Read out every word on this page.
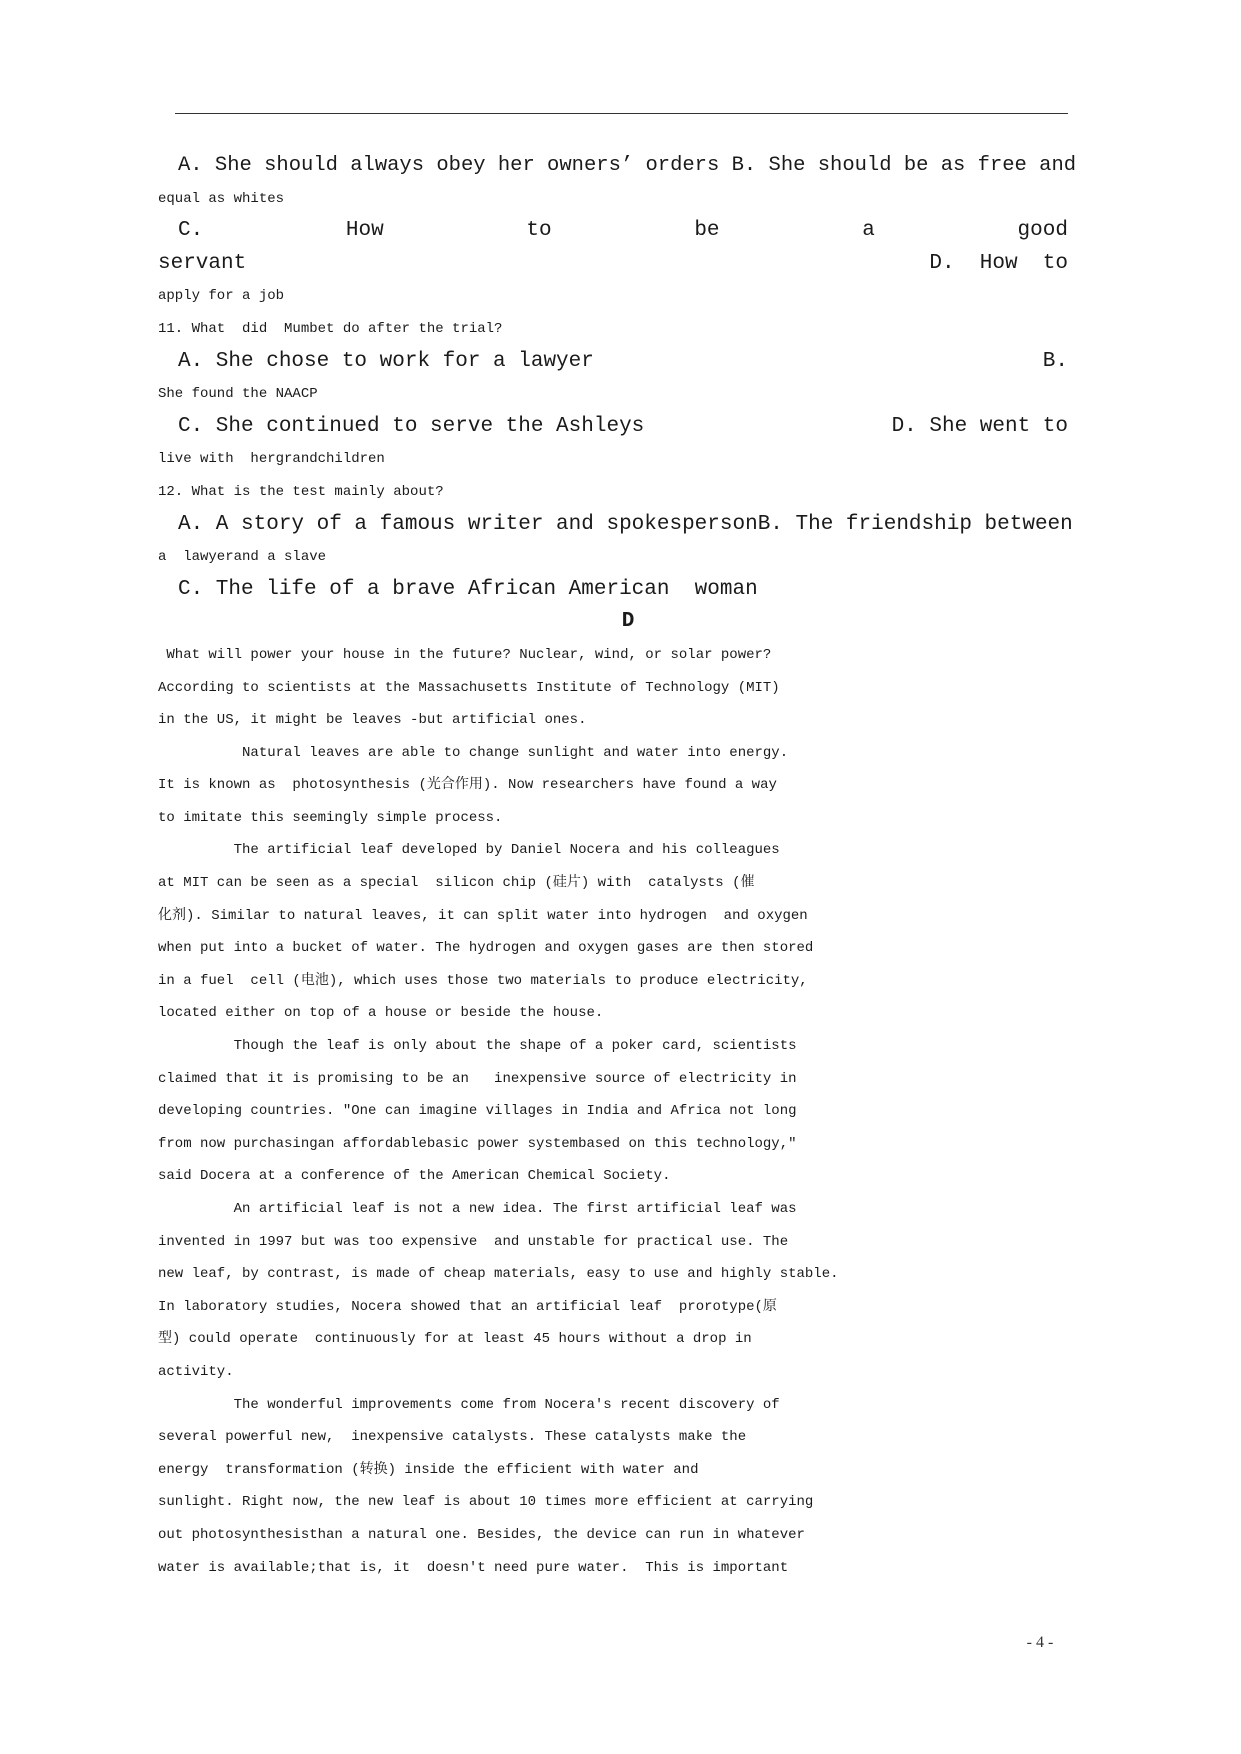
A. She should always obey her owners’ orders B. She should be as free and
equal as whites
C.	How	to	be	a	good
servant	D.  How  to
apply for a job
11. What  did  Mumbet do after the trial?
A. She chose to work for a lawyer	B.
She found the NAACP
C. She continued to serve the Ashleys	D. She went to
live with  hergrandchildren
12. What is the test mainly about?
A. A story of a famous writer and spokesperson B. The friendship between
a  lawyerand a slave
C. The life of a brave African American  woman
D
What will power your house in the future? Nuclear, wind, or solar power?
According to scientists at the Massachusetts Institute of Technology (MIT)
in the US, it might be leaves -but artificial ones.
Natural leaves are able to change sunlight and water into energy.
It is known as  photosynthesis (光合作用). Now researchers have found a way
to imitate this seemingly simple process.
The artificial leaf developed by Daniel Nocera and his colleagues
at MIT can be seen as a special  silicon chip (硅片) with  catalysts (催
化剂). Similar to natural leaves, it can split water into hydrogen  and oxygen
when put into a bucket of water. The hydrogen and oxygen gases are then stored
in a fuel  cell (电池), which uses those two materials to produce electricity,
located either on top of a house or beside the house.
Though the leaf is only about the shape of a poker card, scientists
claimed that it is promising to be an   inexpensive source of electricity in
developing countries. "One can imagine villages in India and Africa not long
from now purchasingan affordablebasic power systembased on this technology,"
said Docera at a conference of the American Chemical Society.
An artificial leaf is not a new idea. The first artificial leaf was
invented in 1997 but was too expensive  and unstable for practical use. The
new leaf, by contrast, is made of cheap materials, easy to use and highly stable.
In laboratory studies, Nocera showed that an artificial leaf  prorotype(原
型) could operate  continuously for at least 45 hours without a drop in
activity.
The wonderful improvements come from Nocera's recent discovery of
several powerful new,  inexpensive catalysts. These catalysts make the
energy  transformation (转换) inside the efficient with water and
sunlight. Right now, the new leaf is about 10 times more efficient at carrying
out photosynthesisthan a natural one. Besides, the device can run in whatever
water is available;that is, it  doesn't need pure water.  This is important
- 4 -
